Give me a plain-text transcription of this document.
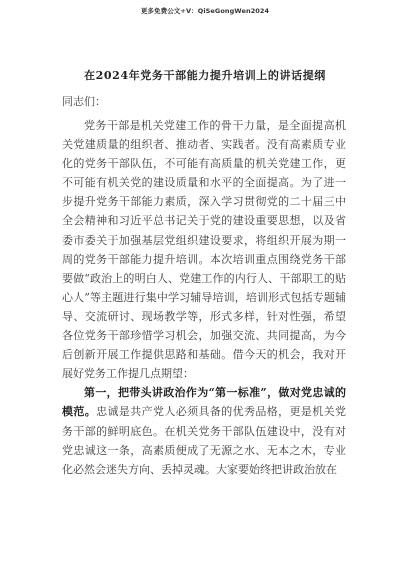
更多免费公文+V：QiSeGongWen2024
在2024年党务干部能力提升培训上的讲话提纲
同志们：

党务干部是机关党建工作的骨干力量，是全面提高机关党建质量的组织者、推动者、实践者。没有高素质专业化的党务干部队伍，不可能有高质量的机关党建工作，更不可能有机关党的建设质量和水平的全面提高。为了进一步提升党务干部能力素质，深入学习贯彻党的二十届三中全会精神和习近平总书记关于党的建设重要思想，以及省委市委关于加强基层党组织建设要求，将组织开展为期一周的党务干部能力提升培训。本次培训重点围绕党务干部要做“政治上的明白人、党建工作的内行人、干部职工的贴心人”等主题进行集中学习辅导培训，培训形式包括专题辅导、交流研讨、现场教学等，形式多样，针对性强，希望各位党务干部珍惜学习机会，加强交流、共同提高，为今后创新开展工作提供思路和基础。借今天的机会，我对开展好党务工作提几点期望：

第一，把带头讲政治作为“第一标准”，做对党忠诚的模范。忠诚是共产党人必须具备的优秀品格，更是机关党务干部的鲜明底色。在机关党务干部队伍建设中，没有对党忠诚这一条，高素质便成了无源之水、无本之木，专业化必然会迷失方向、丢掉灵魂。大家要始终把讲政治放在
